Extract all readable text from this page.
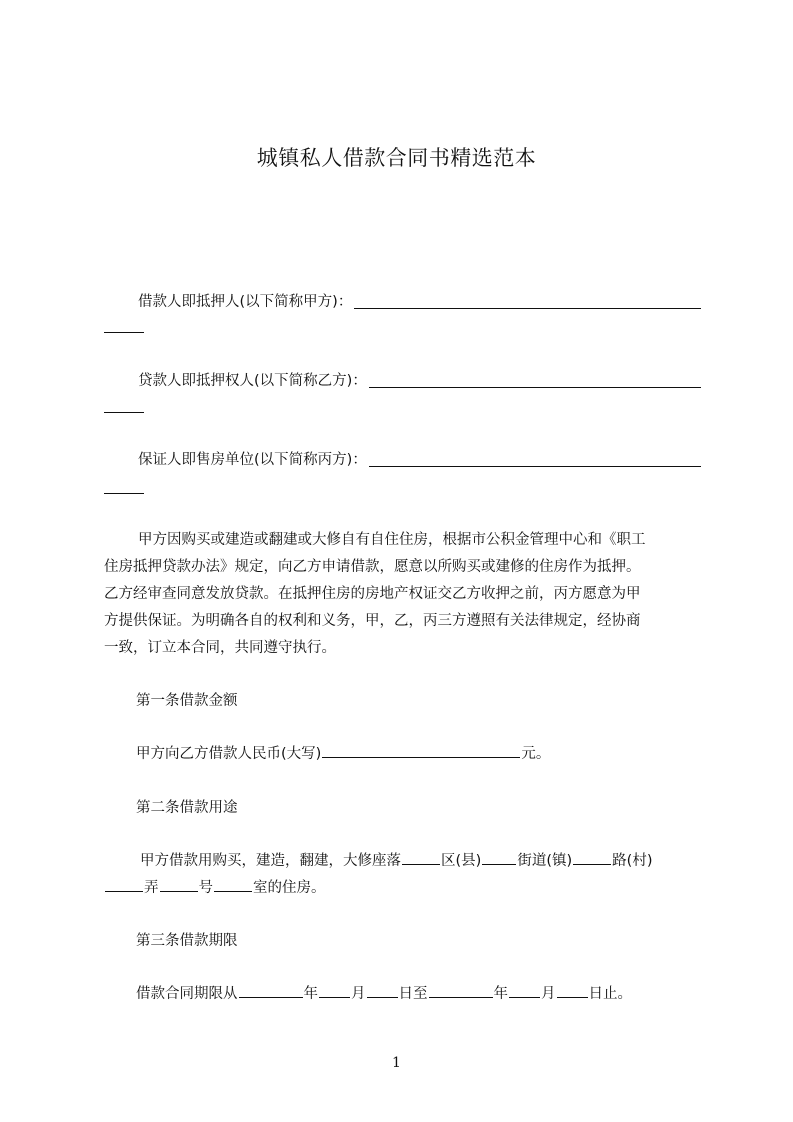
城镇私人借款合同书精选范本
借款人即抵押人(以下简称甲方)：
贷款人即抵押权人(以下简称乙方)：
保证人即售房单位(以下简称丙方)：
甲方因购买或建造或翻建或大修自有自住住房，根据市公积金管理中心和《职工
住房抵押贷款办法》规定，向乙方申请借款，愿意以所购买或建修的住房作为抵押。
乙方经审查同意发放贷款。在抵押住房的房地产权证交乙方收押之前，丙方愿意为甲
方提供保证。为明确各自的权利和义务，甲，乙，丙三方遵照有关法律规定，经协商
一致，订立本合同，共同遵守执行。
第一条借款金额
甲方向乙方借款人民币(大写)	元。
第二条借款用途
甲方借款用购买，建造，翻建，大修座落	区(县) 街道(镇)	路(村)
弄	号	室的住房。
第三条借款期限
借款合同期限从	年 月 日至	年 月 日止。
1
